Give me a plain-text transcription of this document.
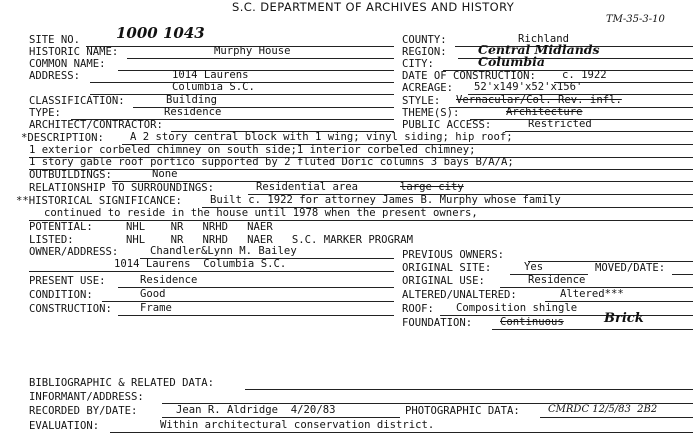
S.C. DEPARTMENT OF ARCHIVES AND HISTORY
TM-35-3-10
SITE NO. 1000 1043	COUNTY:	Richland
HISTORIC NAME:	Murphy House	REGION:	Central Midlands
COMMON NAME:	CITY:	Columbia
ADDRESS:	1014 Laurens	DATE OF CONSTRUCTION: c. 1922
Columbia S.C.	ACREAGE: 52'x149'x52'x156'
CLASSIFICATION:	Building	STYLE: Vernacular/Col. Rev. infl.
TYPE:	Residence	THEME(S):	Architecture
ARCHITECT/CONTRACTOR:	PUBLIC ACCESS:	Restricted
*DESCRIPTION: A 2 story central block with 1 wing; vinyl siding; hip roof;
1 exterior corbeled chimney on south side;1 interior corbeled chimney;
1 story gable roof portico supported by 2 fluted Doric columns 3 bays B/A/A;
OUTBUILDINGS:	None
RELATIONSHIP TO SURROUNDINGS:	Residential area	large city
**HISTORICAL SIGNIFICANCE:	Built c. 1922 for attorney James B. Murphy whose family
continued to reside in the house until 1978 when the present owners,
POTENTIAL:	NHL    NR   NRHD   NAER
LISTED:	NHL    NR   NRHD   NAER   S.C. MARKER PROGRAM
OWNER/ADDRESS:	Chandler&Lynn M. Bailey	PREVIOUS OWNERS:
1014 Laurens  Columbia S.C.	ORIGINAL SITE:	Yes	MOVED/DATE:
PRESENT USE:	Residence	ORIGINAL USE:	Residence
CONDITION:	Good	ALTERED/UNALTERED:	Altered***
CONSTRUCTION:	Frame	ROOF: Composition shingle
FOUNDATION:	Continuous	Brick
BIBLIOGRAPHIC & RELATED DATA:
INFORMANT/ADDRESS:
RECORDED BY/DATE:	Jean R. Aldridge  4/20/83	PHOTOGRAPHIC DATA:	CMRDC 12/5/83  2B2
EVALUATION:	Within architectural conservation district.
